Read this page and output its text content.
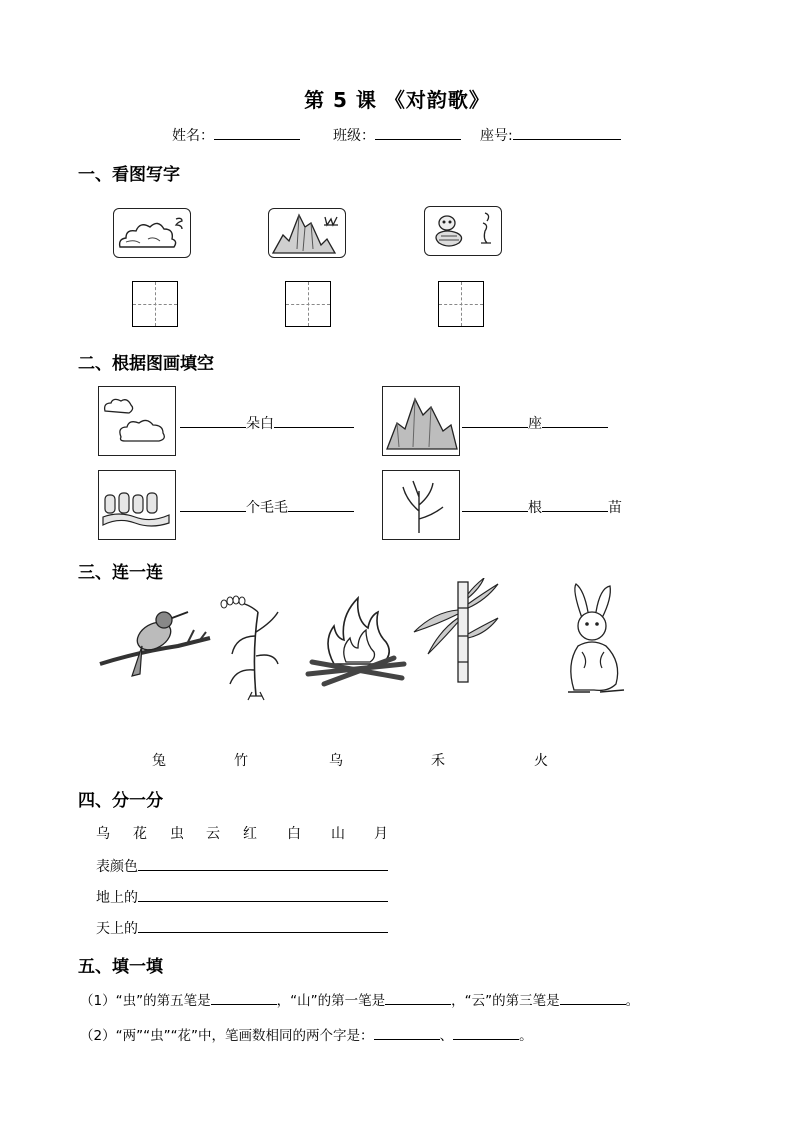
第 5 课 《对韵歌》
姓名：	班级：	座号:
一、看图写字
二、根据图画填空
朵白	座
个毛毛	根	苗
三、连一连
兔	竹	乌	禾	火
四、分一分
乌 花 虫 云 红 白 山 月
表颜色
地上的
天上的
五、填一填
（1）“虫”的第五笔是	，“山”的第一笔是	，“云”的第三笔是	。
（2）“两”“虫”“花”中，笔画数相同的两个字是：	、	。
